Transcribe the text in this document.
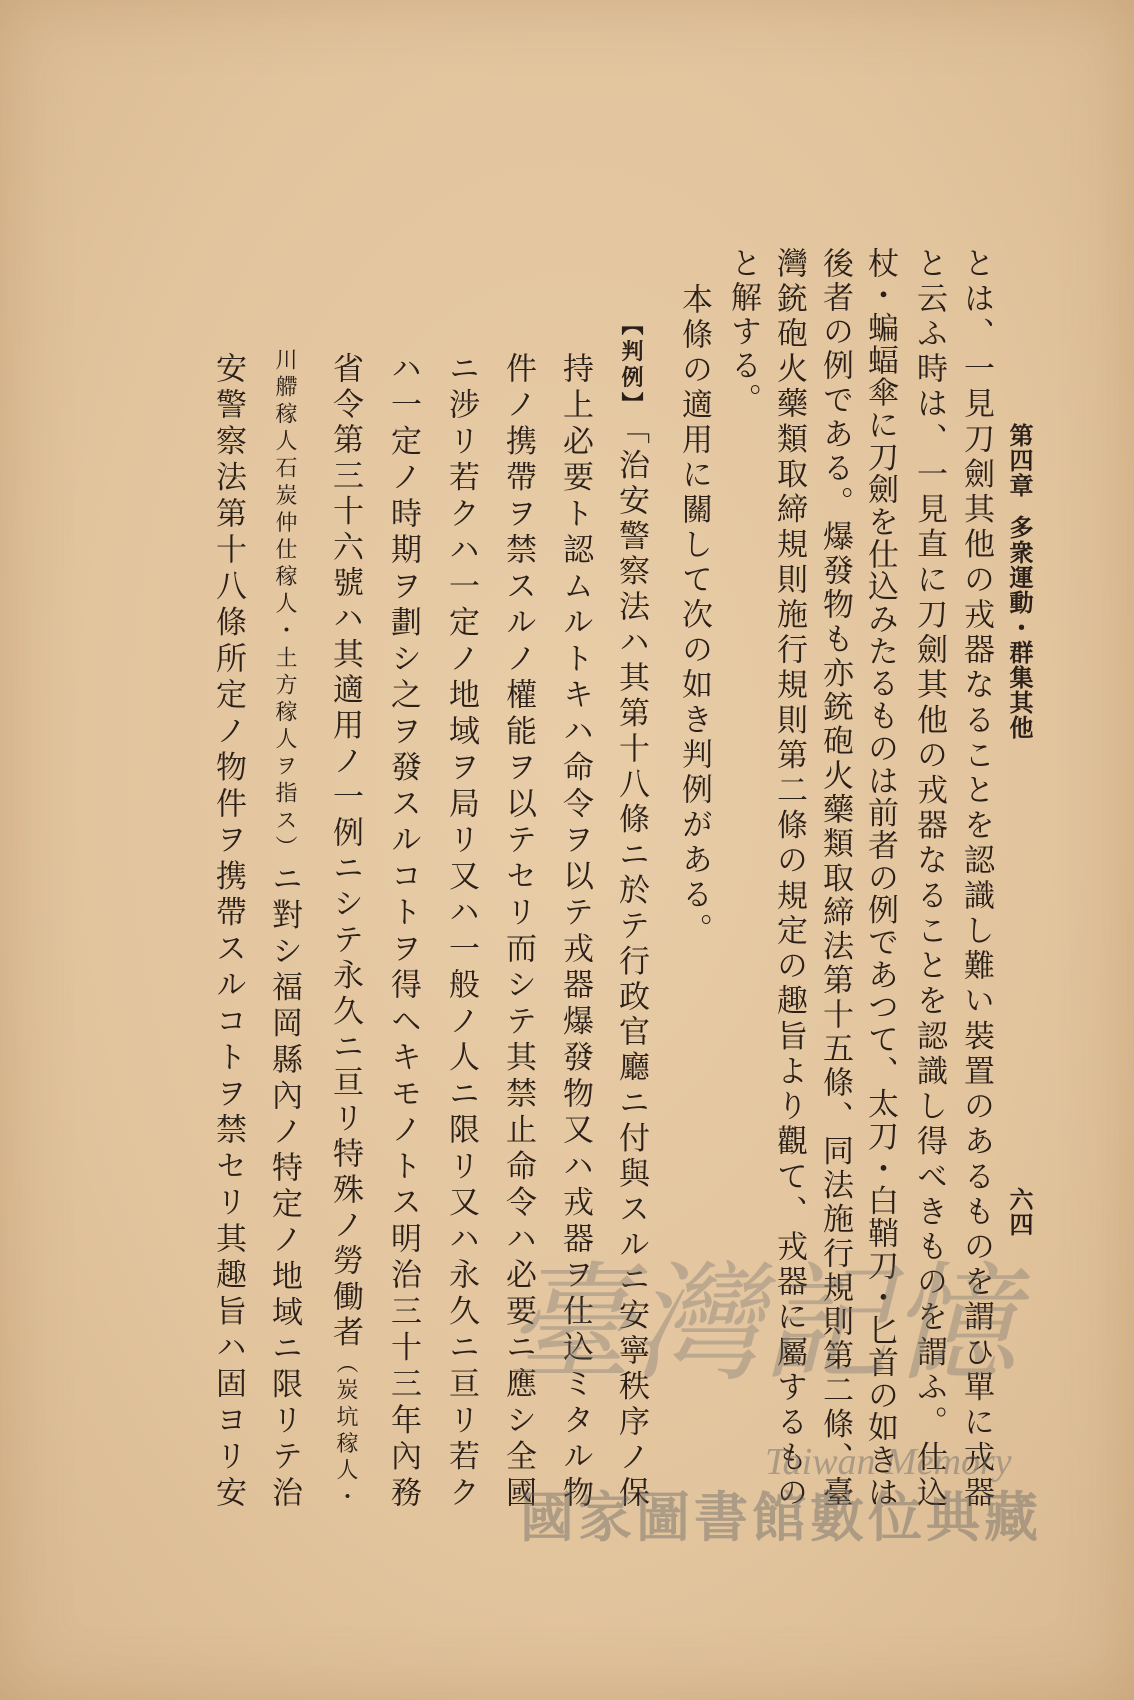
第四章
多衆運動・群集其他
六四
とは、一見刀劍其他の戎器なることを認識し難い裝置のあるものを謂ひ單に戎器
と云ふ時は、一見直に刀劍其他の戎器なることを認識し得べきものを謂ふ。仕込
杖・蝙蝠傘に刀劍を仕込みたるものは前者の例であつて、太刀・白鞘刀・匕首の如きは
後者の例である。爆發物も亦銃砲火藥類取締法第十五條、同法施行規則第二條、臺
灣銃砲火藥類取締規則施行規則第二條の規定の趣旨より觀て、戎器に屬するもの
と解する。
本條の適用に關して次の如き判例がある。
【判例】「治安警察法ハ其第十八條ニ於テ行政官廳ニ付與スルニ安寧秩序ノ保
持上必要ト認ムルトキハ命令ヲ以テ戎器爆發物又ハ戎器ヲ仕込ミタル物
件ノ携帶ヲ禁スルノ權能ヲ以テセリ而シテ其禁止命令ハ必要ニ應シ全國
ニ涉リ若クハ一定ノ地域ヲ局リ又ハ一般ノ人ニ限リ又ハ永久ニ亘リ若ク
ハ一定ノ時期ヲ劃シ之ヲ發スルコトヲ得ヘキモノトス明治三十三年內務
省令第三十六號ハ其適用ノ一例ニシテ永久ニ亘リ特殊ノ勞働者（炭坑稼人・
川艜稼人石炭仲仕稼人・土方稼人ヲ指ス）ニ對シ福岡縣內ノ特定ノ地域ニ限リテ治
安警察法第十八條所定ノ物件ヲ携帶スルコトヲ禁セリ其趣旨ハ固ヨリ安 臺灣記憶
Taiwan Memory
國家圖書館數位典藏
